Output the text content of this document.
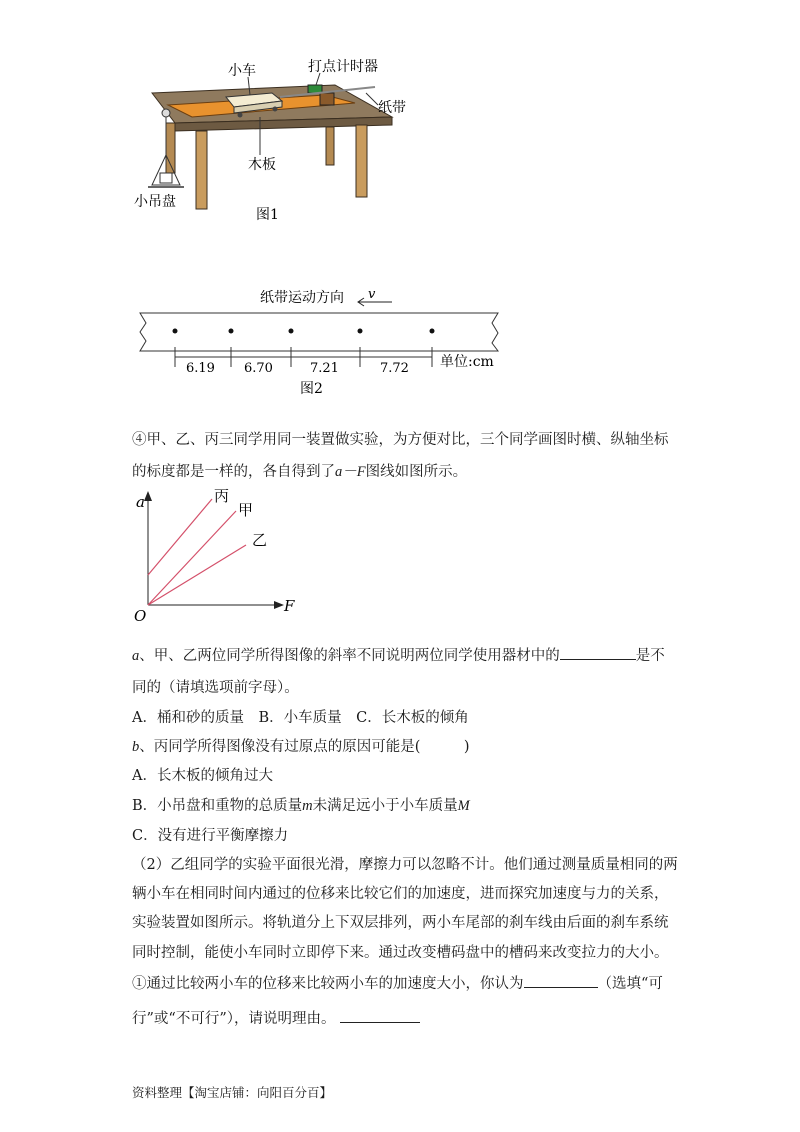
小车	打点计时器
纸带
木板
小吊盘
图1
纸带运动方向 v
6.19 6.70	7.21	7.72 单位:cm
图2
④甲、乙、丙三同学用同一装置做实验，为方便对比，三个同学画图时横、纵轴坐标
的标度都是一样的，各自得到了a－F图线如图所示。
a
F
O
丙
甲
乙
a、甲、乙两位同学所得图像的斜率不同说明两位同学使用器材中的	是不
同的（请填选项前字母）。
A．桶和砂的质量　B．小车质量　C．长木板的倾角
b、丙同学所得图像没有过原点的原因可能是(　　　)
A．长木板的倾角过大
B．小吊盘和重物的总质量m未满足远小于小车质量M
C．没有进行平衡摩擦力
（2）乙组同学的实验平面很光滑，摩擦力可以忽略不计。他们通过测量质量相同的两
辆小车在相同时间内通过的位移来比较它们的加速度，进而探究加速度与力的关系，
实验装置如图所示。将轨道分上下双层排列，两小车尾部的刹车线由后面的刹车系统
同时控制，能使小车同时立即停下来。通过改变槽码盘中的槽码来改变拉力的大小。
①通过比较两小车的位移来比较两小车的加速度大小，你认为	（选填“可
行”或“不可行”），请说明理由。
资料整理【淘宝店铺：向阳百分百】
